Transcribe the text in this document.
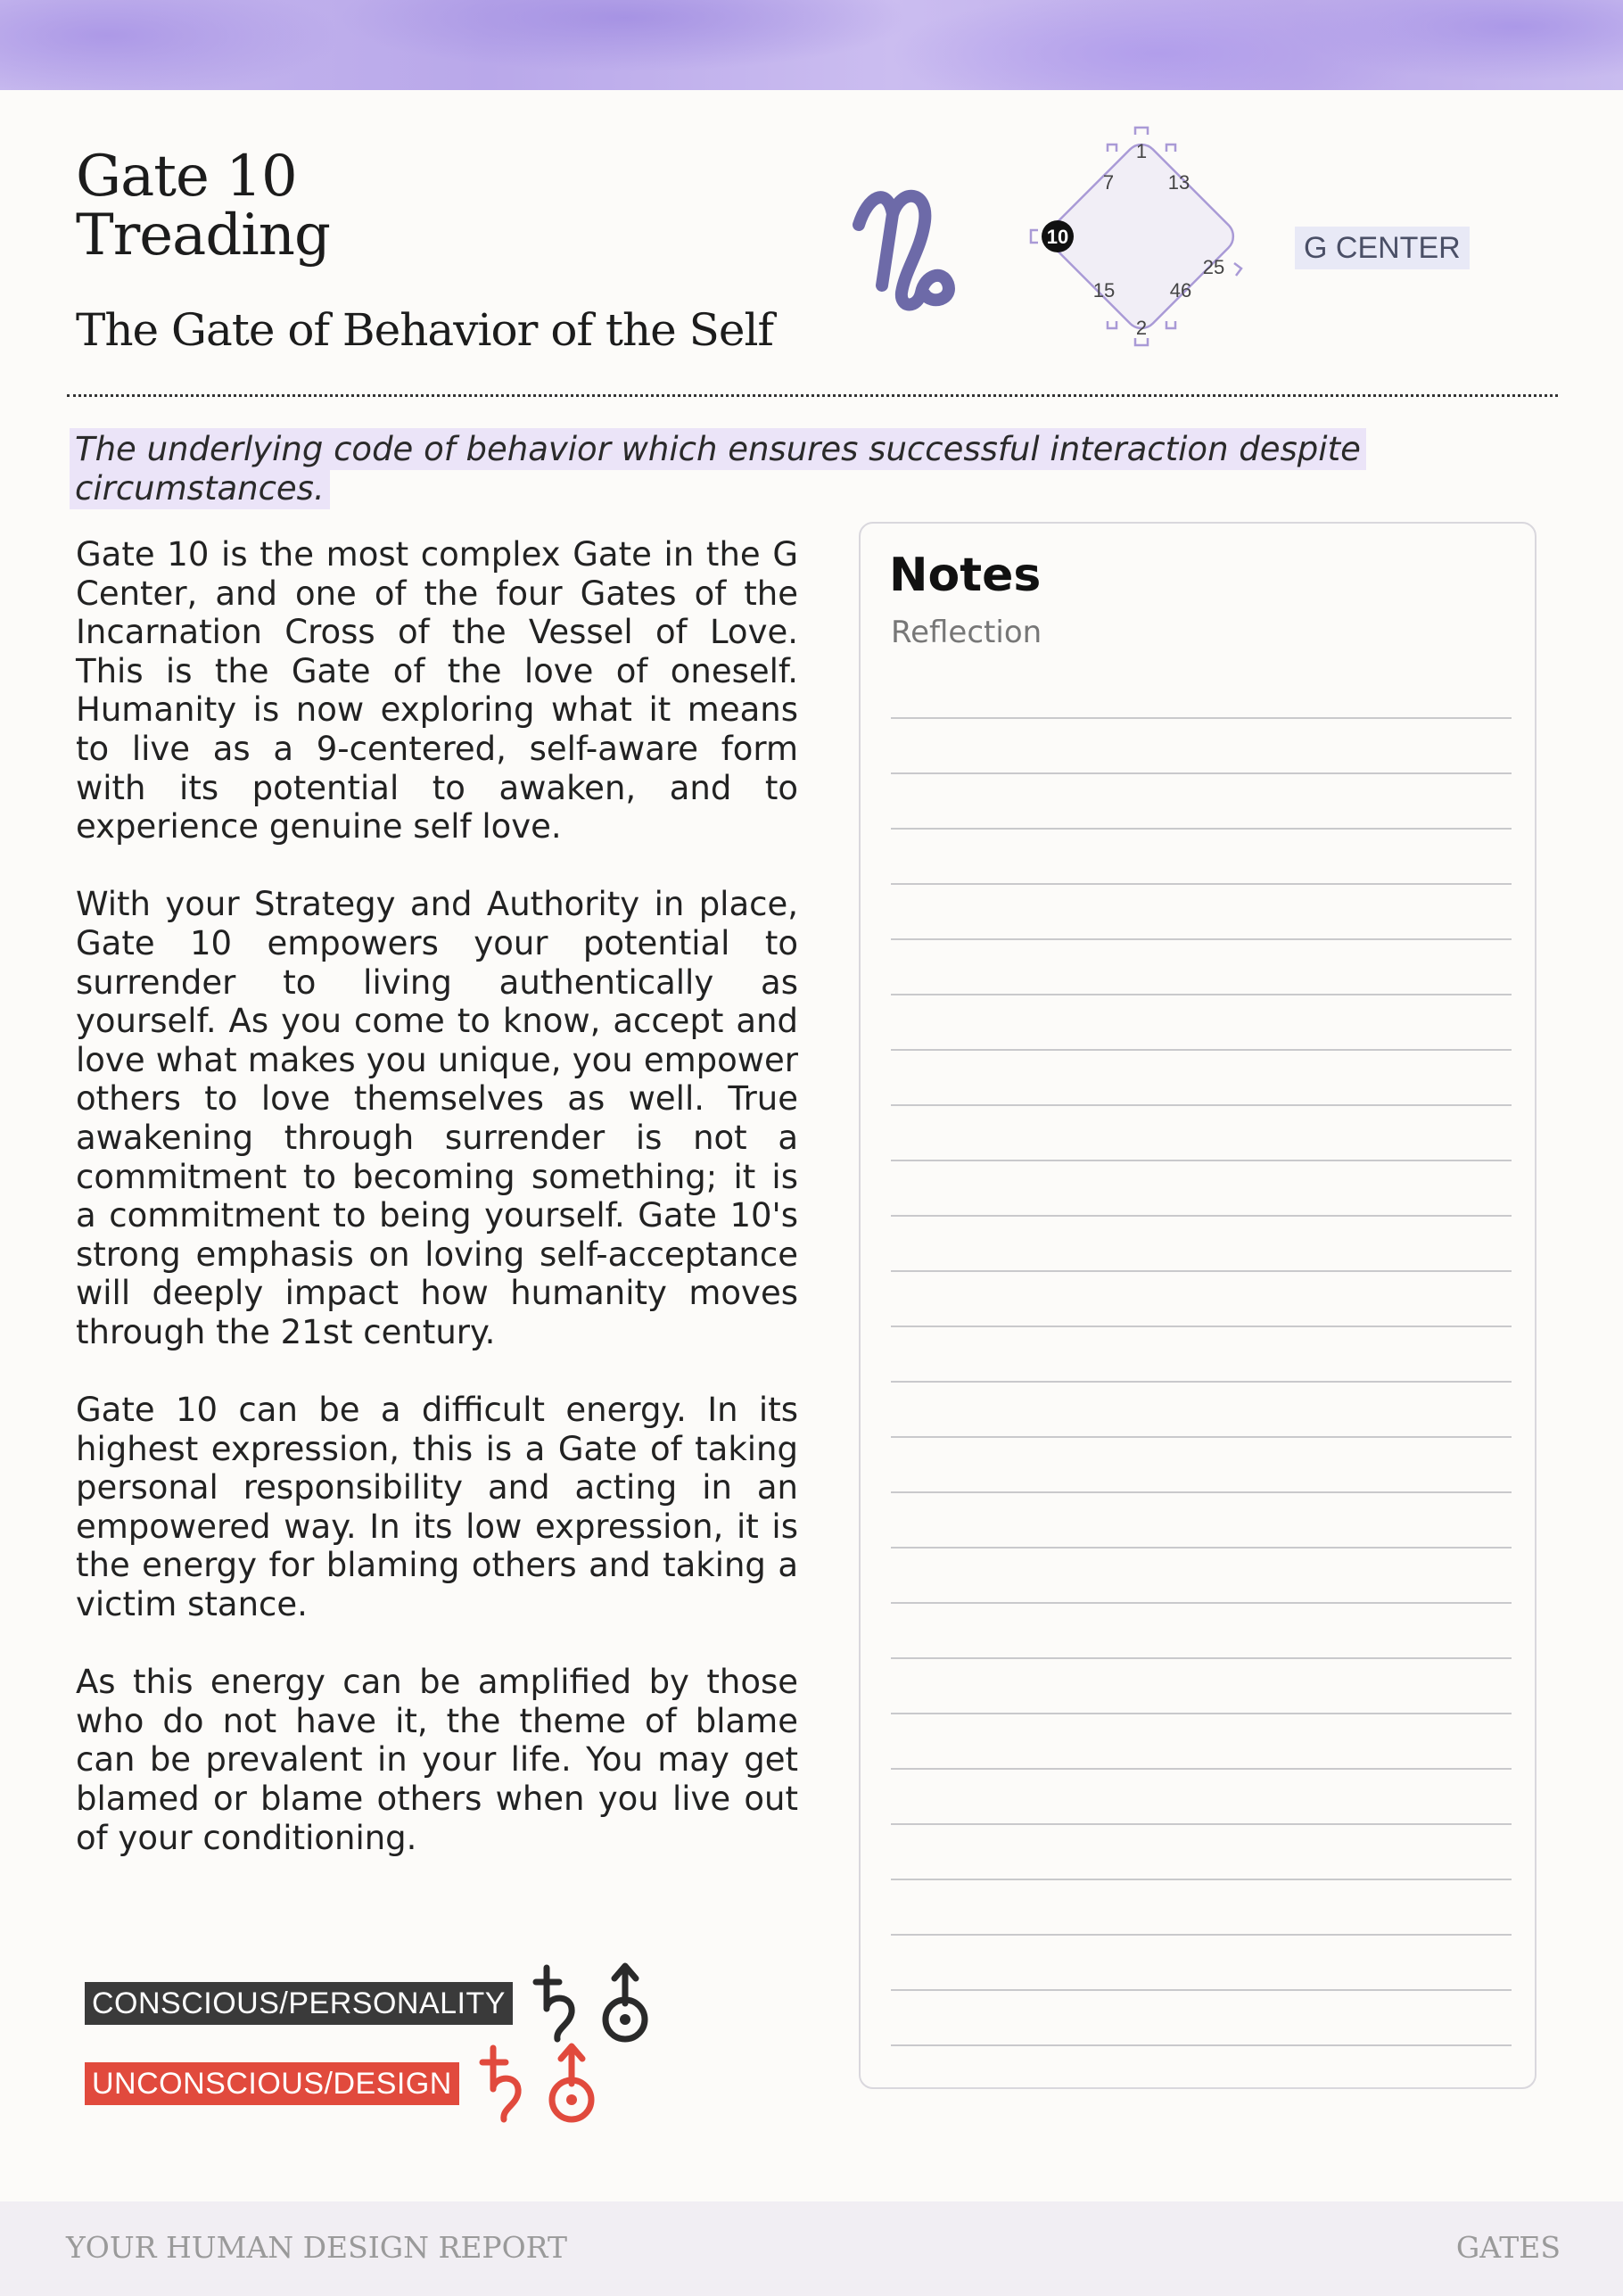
Gate 10
Treading
The Gate of Behavior of the Self
1
7	13
10
25
15	46
2
G CENTER

The underlying code of behavior which ensures successful interaction despite circumstances.

Gate 10 is the most complex Gate in the G Center, and one of the four Gates of the Incarnation Cross of the Vessel of Love. This is the Gate of the love of oneself. Humanity is now exploring what it means to live as a 9-centered, self-aware form with its potential to awaken, and to experience genuine self love.

With your Strategy and Authority in place, Gate 10 empowers your potential to surrender to living authentically as yourself. As you come to know, accept and love what makes you unique, you empower others to love themselves as well. True awakening through surrender is not a commitment to becoming something; it is a commitment to being yourself. Gate 10's strong emphasis on loving self-acceptance will deeply impact how humanity moves through the 21st century.

Gate 10 can be a difficult energy. In its highest expression, this is a Gate of taking personal responsibility and acting in an empowered way. In its low expression, it is the energy for blaming others and taking a victim stance.

As this energy can be amplified by those who do not have it, the theme of blame can be prevalent in your life. You may get blamed or blame others when you live out of your conditioning.

CONSCIOUS/PERSONALITY
UNCONSCIOUS/DESIGN
Notes
Reflection
YOUR HUMAN DESIGN REPORT	GATES
